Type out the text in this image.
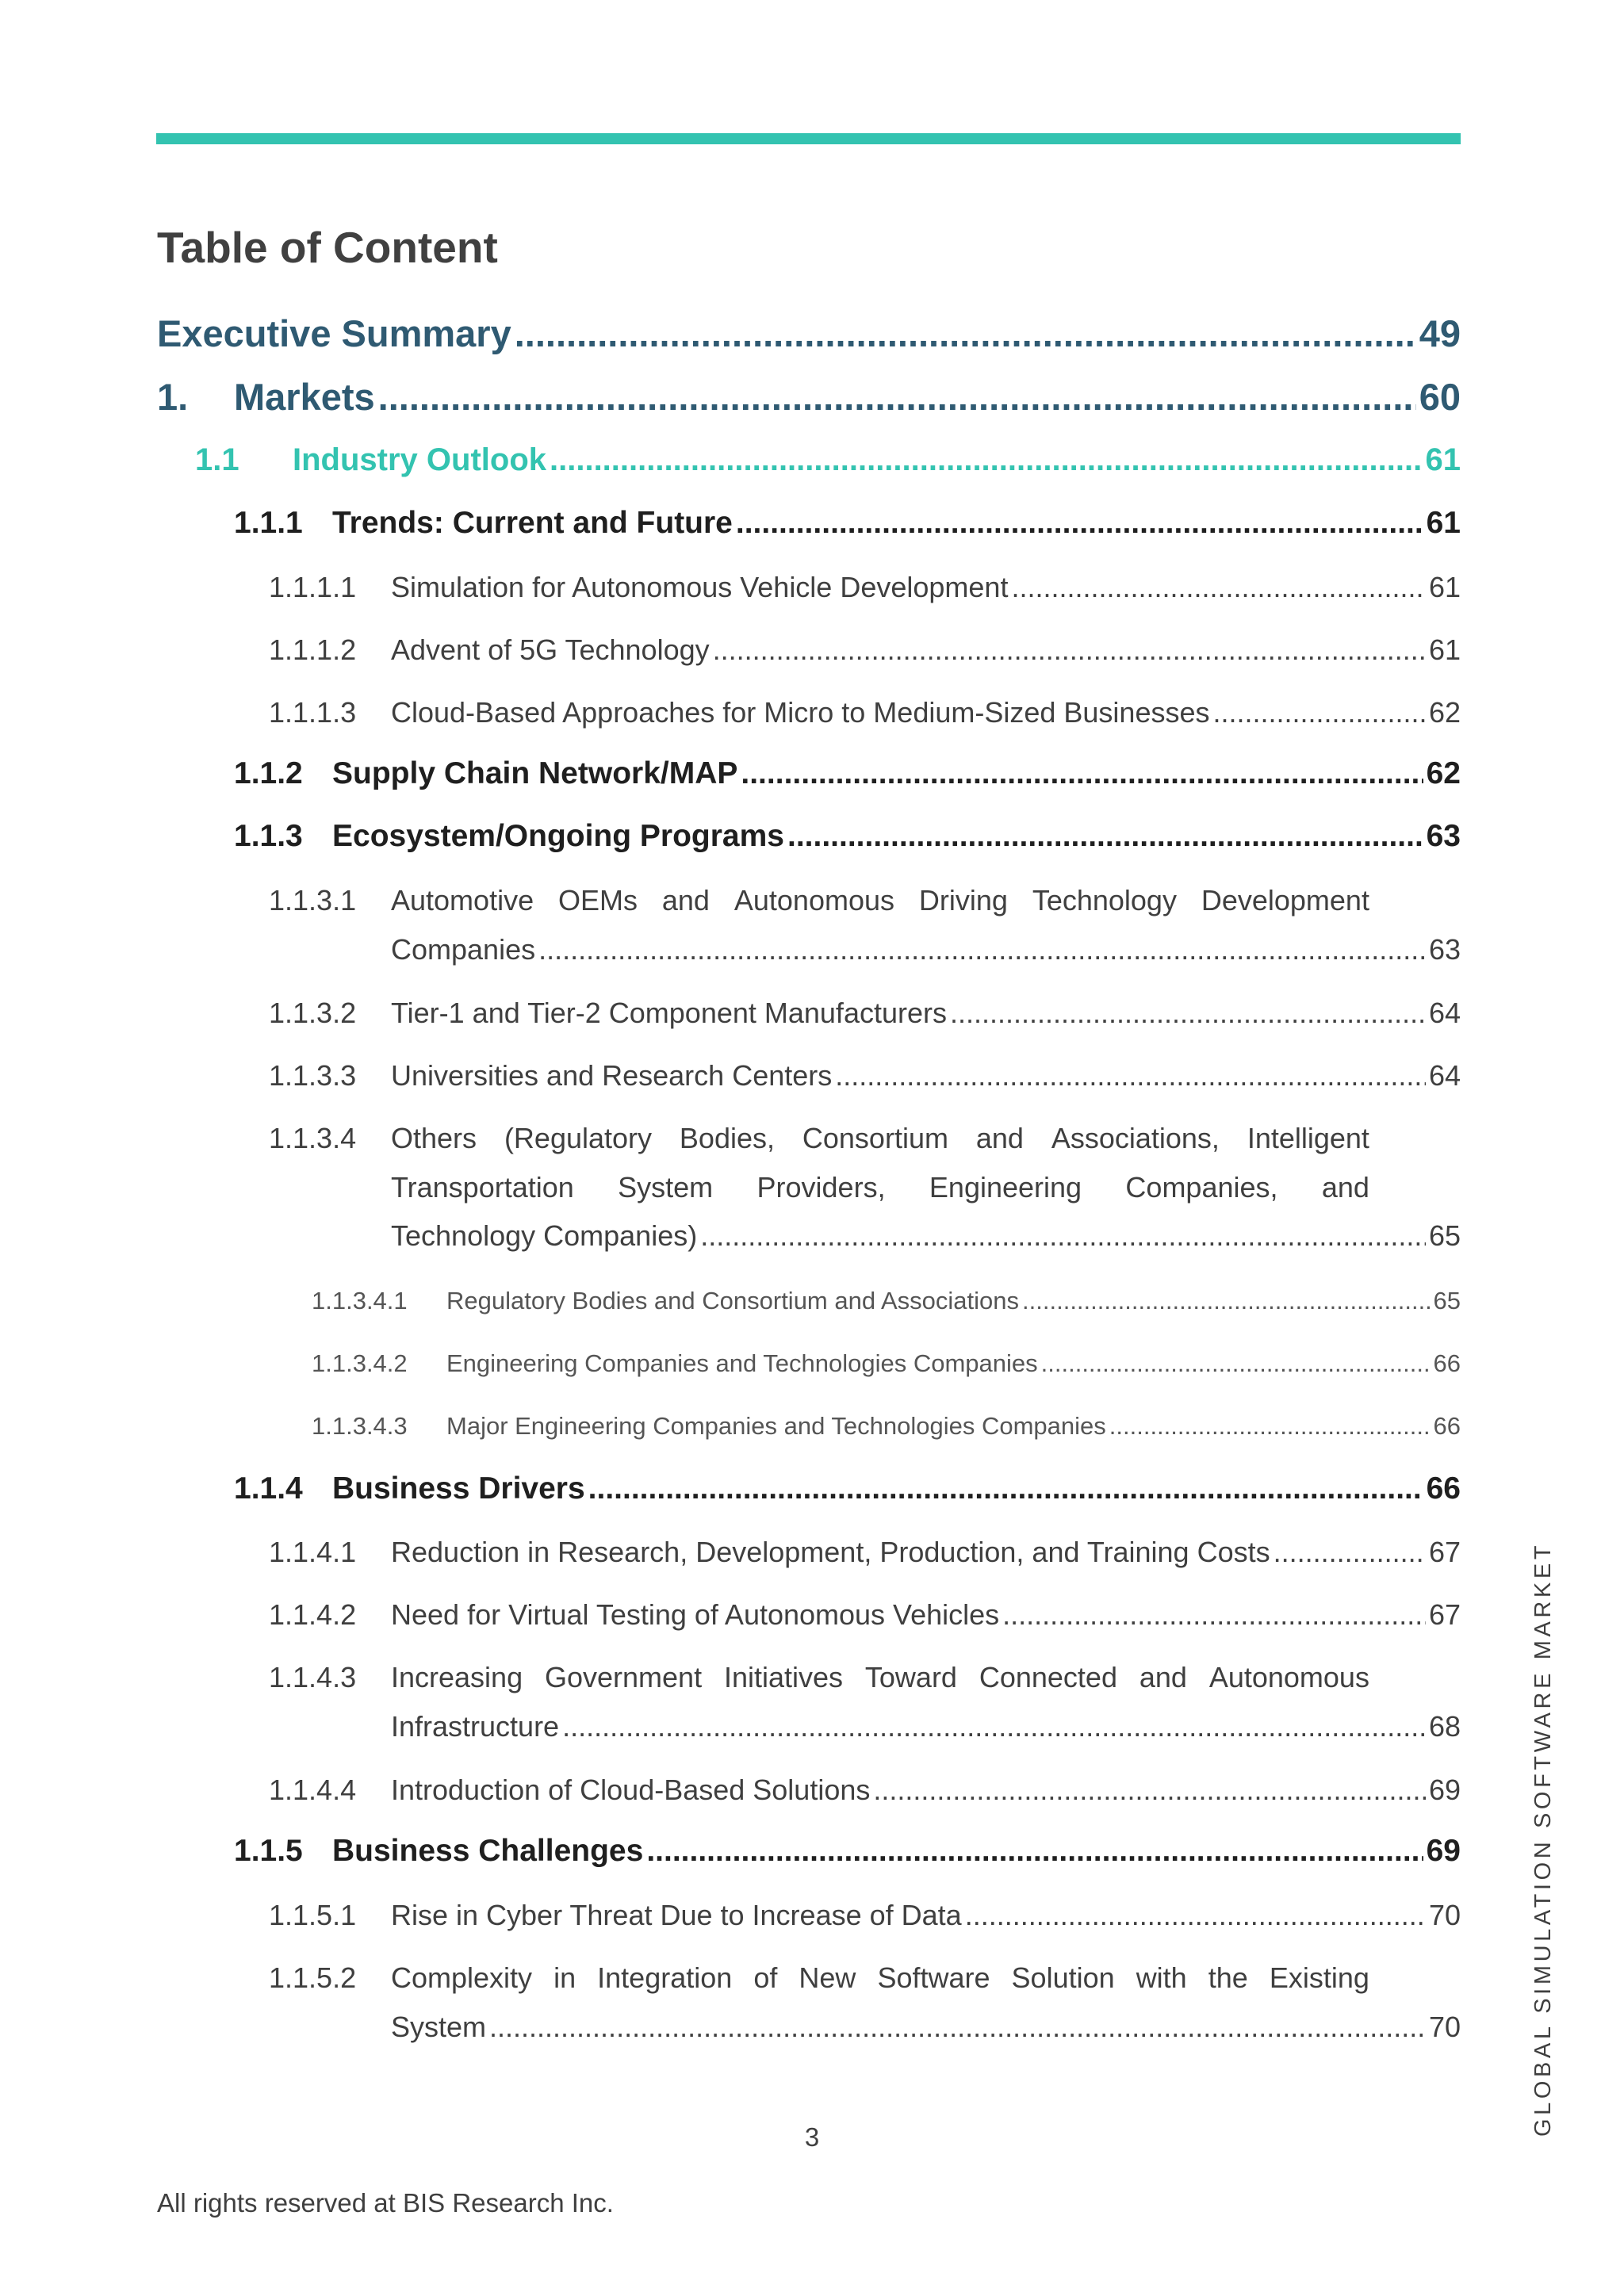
Table of Content
Executive Summary .....	49
1.	Markets .....	60
1.1	Industry Outlook .....	61
1.1.1 Trends: Current and Future .....	61
1.1.1.1	Simulation for Autonomous Vehicle Development .....	61
1.1.1.2	Advent of 5G Technology .....	61
1.1.1.3	Cloud-Based Approaches for Micro to Medium-Sized Businesses .....	62
1.1.2 Supply Chain Network/MAP .....	62
1.1.3 Ecosystem/Ongoing Programs .....	63
1.1.3.1 Automotive OEMs and Autonomous Driving Technology Development
Companies .....	63
1.1.3.2	Tier-1 and Tier-2 Component Manufacturers .....	64
1.1.3.3	Universities and Research Centers .....	64
1.1.3.4 Others (Regulatory Bodies, Consortium and Associations, Intelligent
Transportation System Providers, Engineering Companies, and
Technology Companies) .....	65
1.1.3.4.1	Regulatory Bodies and Consortium and Associations .....	65
1.1.3.4.2	Engineering Companies and Technologies Companies .....	66
1.1.3.4.3	Major Engineering Companies and Technologies Companies .....	66
1.1.4 Business Drivers .....	66
1.1.4.1	Reduction in Research, Development, Production, and Training Costs .....	67
1.1.4.2	Need for Virtual Testing of Autonomous Vehicles .....	67
1.1.4.3 Increasing Government Initiatives Toward Connected and Autonomous
Infrastructure .....	68
1.1.4.4	Introduction of Cloud-Based Solutions .....	69
1.1.5 Business Challenges .....	69
1.1.5.1	Rise in Cyber Threat Due to Increase of Data .....	70
1.1.5.2 Complexity in Integration of New Software Solution with the Existing
System .....	70
3
All rights reserved at BIS Research Inc.
GLOBAL SIMULATION SOFTWARE MARKET
